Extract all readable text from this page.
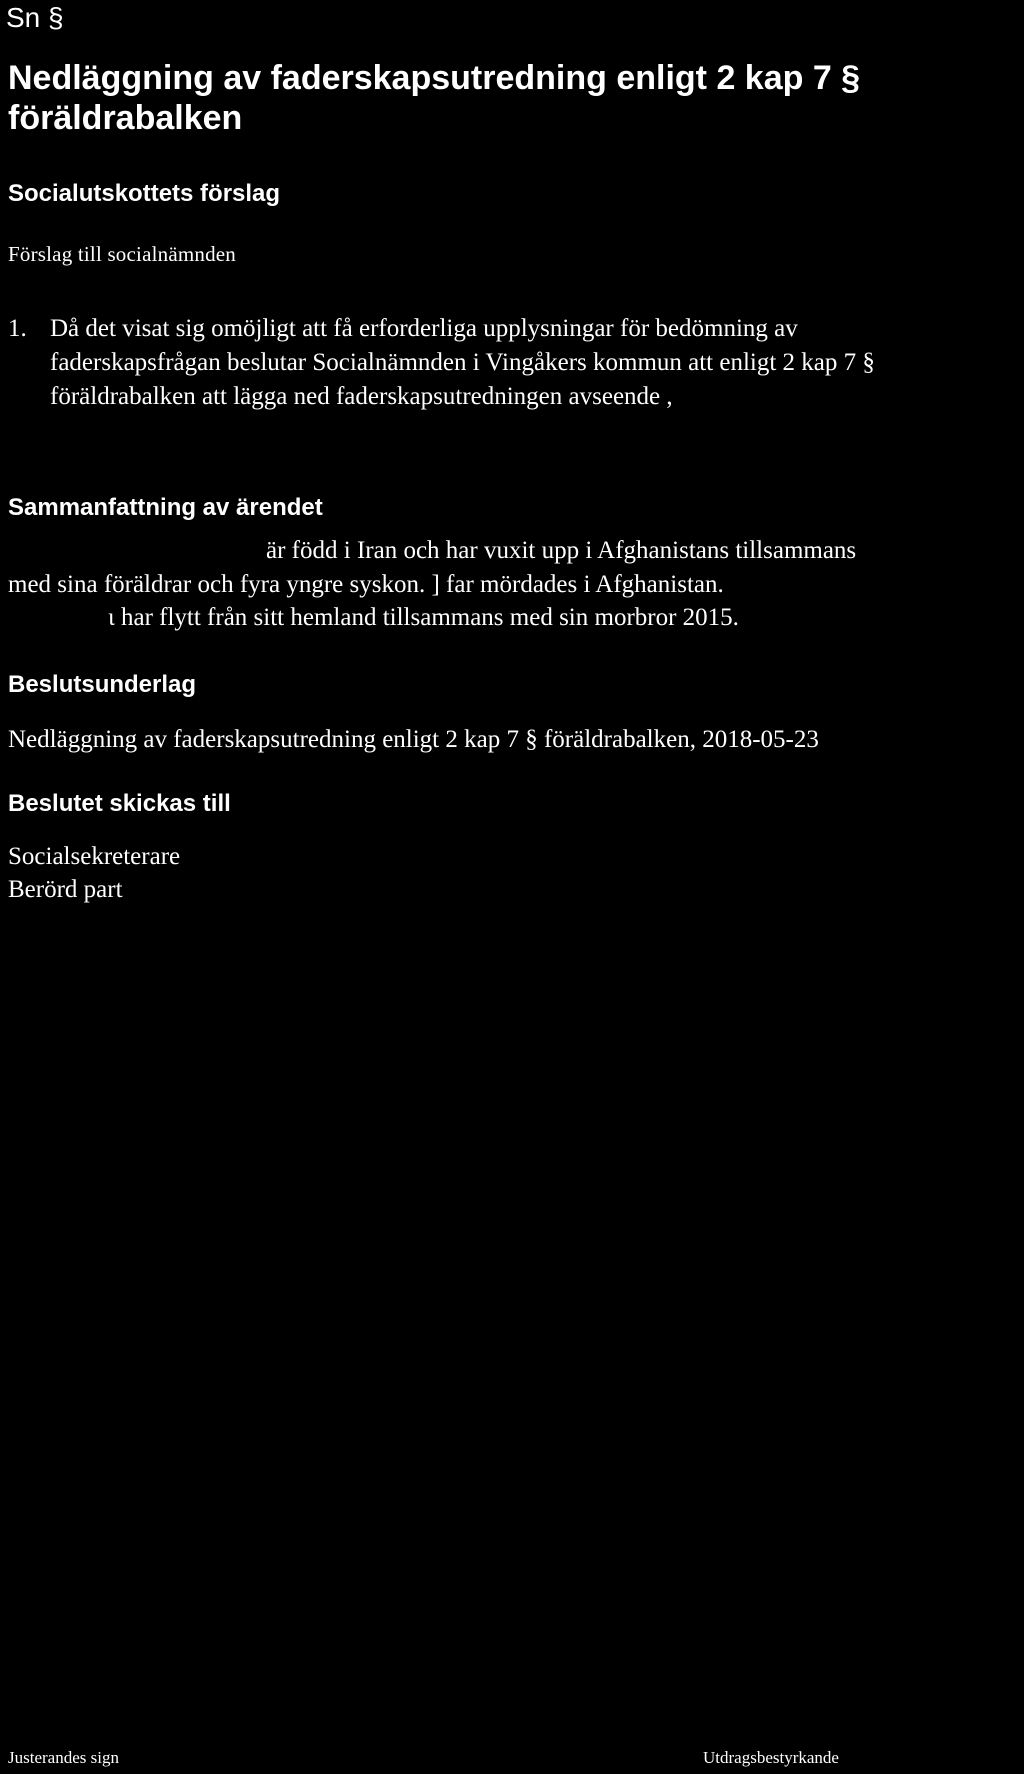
Sn §
Nedläggning av faderskapsutredning enligt 2 kap 7 §
föräldrabalken
Socialutskottets förslag
Förslag till socialnämnden
1. Då det visat sig omöjligt att få erforderliga upplysningar för bedömning av
faderskapsfrågan beslutar Socialnämnden i Vingåkers kommun att enligt 2 kap 7 §
föräldrabalken att lägga ned faderskapsutredningen avseende ,
Sammanfattning av ärendet
är född i Iran och har vuxit upp i Afghanistans tillsammans
med sina föräldrar och fyra yngre syskon. ] far mördades i Afghanistan.
ι har flytt från sitt hemland tillsammans med sin morbror 2015.
Beslutsunderlag
Nedläggning av faderskapsutredning enligt 2 kap 7 § föräldrabalken, 2018-05-23
Beslutet skickas till
Socialsekreterare
Berörd part
Justerandes sign	Utdragsbestyrkande
